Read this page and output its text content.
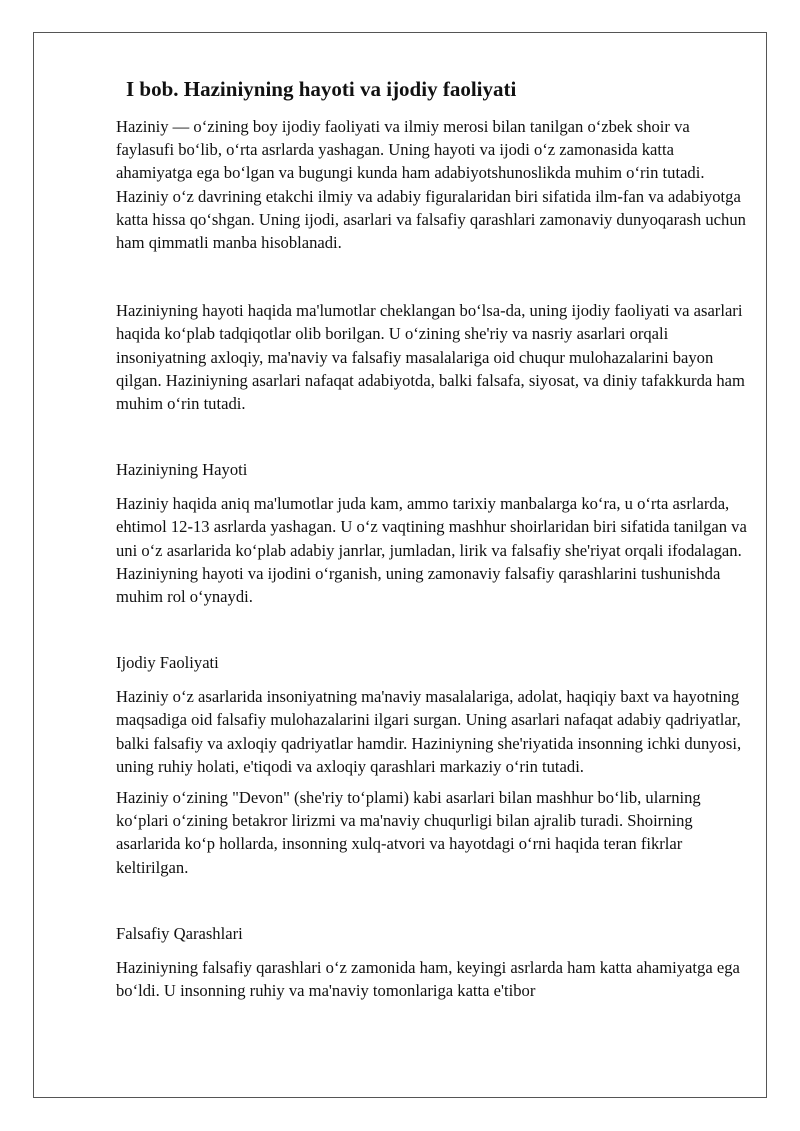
I bob. Haziniyning hayoti va ijodiy faoliyati

Haziniy — o‘zining boy ijodiy faoliyati va ilmiy merosi bilan tanilgan o‘zbek shoir va faylasufi bo‘lib, o‘rta asrlarda yashagan. Uning hayoti va ijodi o‘z zamonasida katta ahamiyatga ega bo‘lgan va bugungi kunda ham adabiyotshunoslikda muhim o‘rin tutadi. Haziniy o‘z davrining etakchi ilmiy va adabiy figuralaridan biri sifatida ilm-fan va adabiyotga katta hissa qo‘shgan. Uning ijodi, asarlari va falsafiy qarashlari zamonaviy dunyoqarash uchun ham qimmatli manba hisoblanadi.

Haziniyning hayoti haqida ma'lumotlar cheklangan bo‘lsa-da, uning ijodiy faoliyati va asarlari haqida ko‘plab tadqiqotlar olib borilgan. U o‘zining she'riy va nasriy asarlari orqali insoniyatning axloqiy, ma'naviy va falsafiy masalalariga oid chuqur mulohazalarini bayon qilgan. Haziniyning asarlari nafaqat adabiyotda, balki falsafa, siyosat, va diniy tafakkurda ham muhim o‘rin tutadi.

Haziniyning Hayoti

Haziniy haqida aniq ma'lumotlar juda kam, ammo tarixiy manbalarga ko‘ra, u o‘rta asrlarda, ehtimol 12-13 asrlarda yashagan. U o‘z vaqtining mashhur shoirlaridan biri sifatida tanilgan va uni o‘z asarlarida ko‘plab adabiy janrlar, jumladan, lirik va falsafiy she'riyat orqali ifodalagan. Haziniyning hayoti va ijodini o‘rganish, uning zamonaviy falsafiy qarashlarini tushunishda muhim rol o‘ynaydi.

Ijodiy Faoliyati

Haziniy o‘z asarlarida insoniyatning ma'naviy masalalariga, adolat, haqiqiy baxt va hayotning maqsadiga oid falsafiy mulohazalarini ilgari surgan. Uning asarlari nafaqat adabiy qadriyatlar, balki falsafiy va axloqiy qadriyatlar hamdir. Haziniyning she'riyatida insonning ichki dunyosi, uning ruhiy holati, e'tiqodi va axloqiy qarashlari markaziy o‘rin tutadi.

Haziniy o‘zining "Devon" (she'riy to‘plami) kabi asarlari bilan mashhur bo‘lib, ularning ko‘plari o‘zining betakror lirizmi va ma'naviy chuqurligi bilan ajralib turadi. Shoirning asarlarida ko‘p hollarda, insonning xulq-atvori va hayotdagi o‘rni haqida teran fikrlar keltirilgan.

Falsafiy Qarashlari

Haziniyning falsafiy qarashlari o‘z zamonida ham, keyingi asrlarda ham katta ahamiyatga ega bo‘ldi. U insonning ruhiy va ma'naviy tomonlariga katta e'tibor
